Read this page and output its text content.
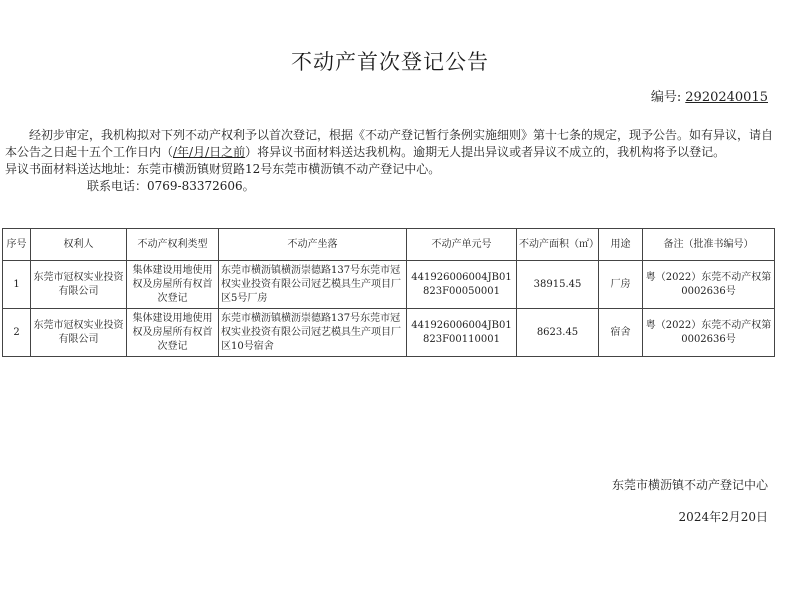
不动产首次登记公告
编号: 2920240015

经初步审定，我机构拟对下列不动产权利予以首次登记，根据《不动产登记暂行条例实施细则》第十七条的规定，现予公告。如有异议，请自本公告之日起十五个工作日内（/年/月/日之前）将异议书面材料送达我机构。逾期无人提出异议或者异议不成立的，我机构将予以登记。

异议书面材料送达地址：东莞市横沥镇财贸路12号东莞市横沥镇不动产登记中心。

联系电话：0769-83372606。

序号	权利人	不动产权利类型	不动产坐落	不动产单元号	不动产面积（㎡）	用途	备注（批准书编号）
1	东莞市冠权实业投资有限公司	集体建设用地使用权及房屋所有权首次登记	东莞市横沥镇横沥崇德路137号东莞市冠权实业投资有限公司冠艺模具生产项目厂区5号厂房	441926006004JB01823F00050001	38915.45	厂房	粤（2022）东莞不动产权第0002636号
2	东莞市冠权实业投资有限公司	集体建设用地使用权及房屋所有权首次登记	东莞市横沥镇横沥崇德路137号东莞市冠权实业投资有限公司冠艺模具生产项目厂区10号宿舍	441926006004JB01823F00110001	8623.45	宿舍	粤（2022）东莞不动产权第0002636号
东莞市横沥镇不动产登记中心
2024年2月20日
